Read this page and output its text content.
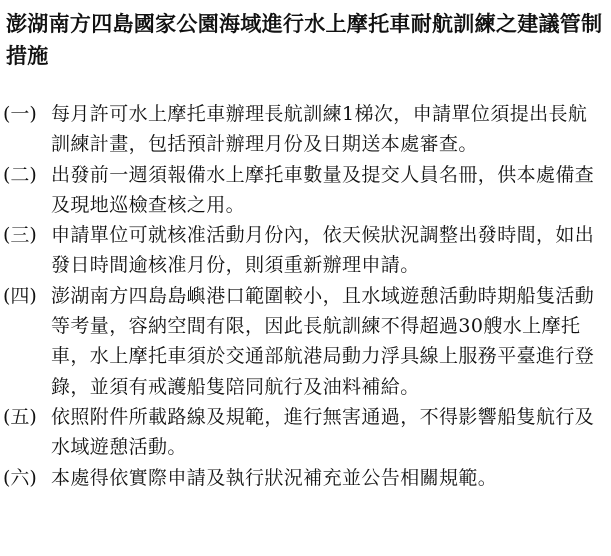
澎湖南方四島國家公園海域進行水上摩托車耐航訓練之建議管制措施
(一) 每月許可水上摩托車辦理長航訓練1梯次，申請單位須提出長航訓練計畫，包括預計辦理月份及日期送本處審查。
(二) 出發前一週須報備水上摩托車數量及提交人員名冊，供本處備查及現地巡檢查核之用。
(三) 申請單位可就核准活動月份內，依天候狀況調整出發時間，如出發日時間逾核准月份，則須重新辦理申請。
(四) 澎湖南方四島島嶼港口範圍較小，且水域遊憩活動時期船隻活動等考量，容納空間有限，因此長航訓練不得超過30艘水上摩托車，水上摩托車須於交通部航港局動力浮具線上服務平臺進行登錄，並須有戒護船隻陪同航行及油料補給。
(五) 依照附件所載路線及規範，進行無害通過，不得影響船隻航行及水域遊憩活動。
(六) 本處得依實際申請及執行狀況補充並公告相關規範。
